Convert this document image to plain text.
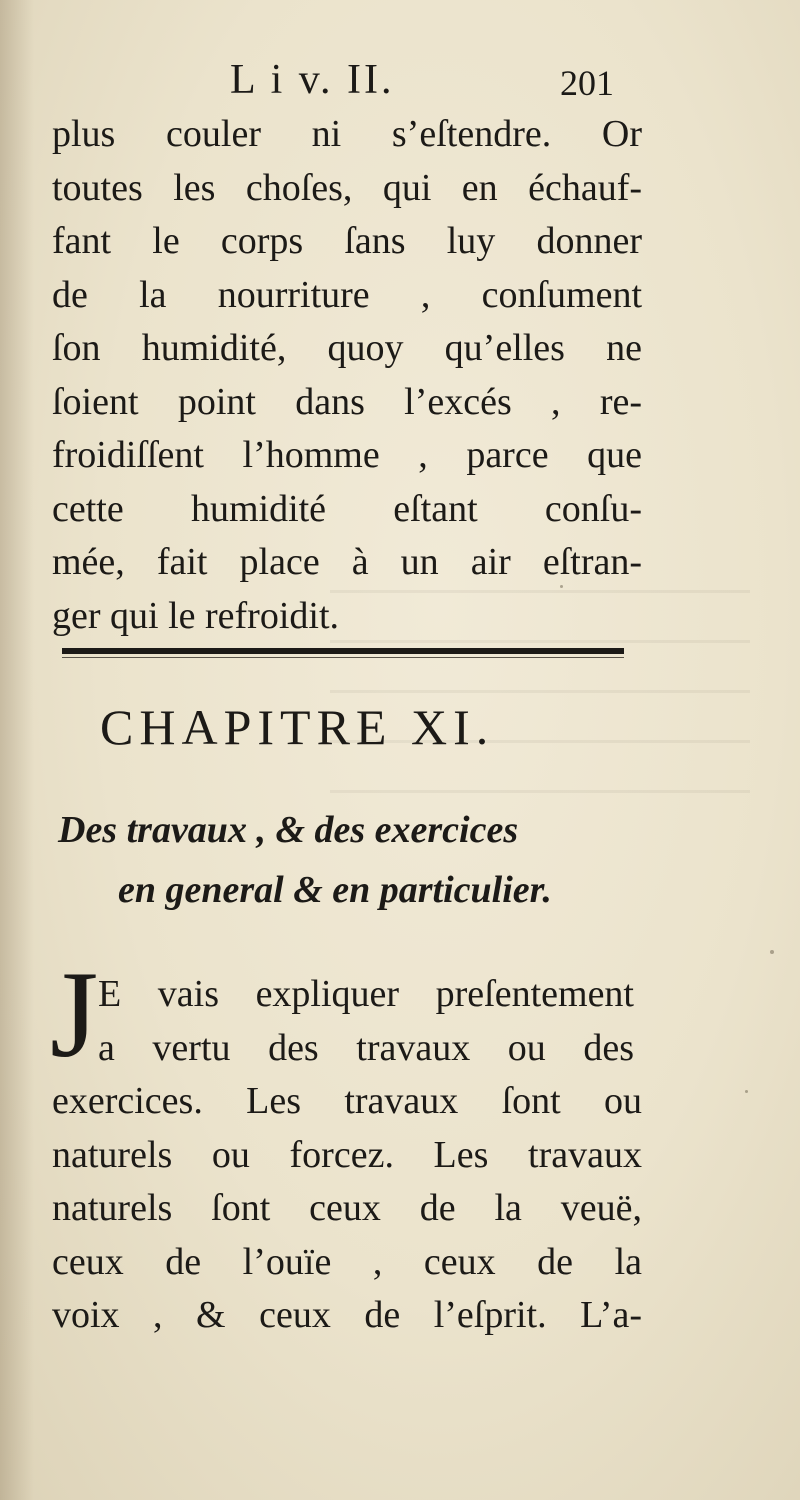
L i v. II.	201
plus couler ni s’eſtendre. Or
toutes les choſes, qui en échauf-
fant le corps ſans luy donner
de la nourriture , conſument
ſon humidité, quoy qu’elles ne
ſoient point dans l’excés , re-
froidiſſent l’homme , parce que
cette humidité eſtant conſu-
mée, fait place à un air eſtran-
ger qui le refroidit.
CHAPITRE XI.
Des travaux , & des exercices
en general & en particulier.
J E vais expliquer preſentement
a vertu des travaux ou des
exercices. Les travaux ſont ou
naturels ou forcez. Les travaux
naturels ſont ceux de la veuë,
ceux de l’ouïe , ceux de la
voix , & ceux de l’eſprit. L’a-
